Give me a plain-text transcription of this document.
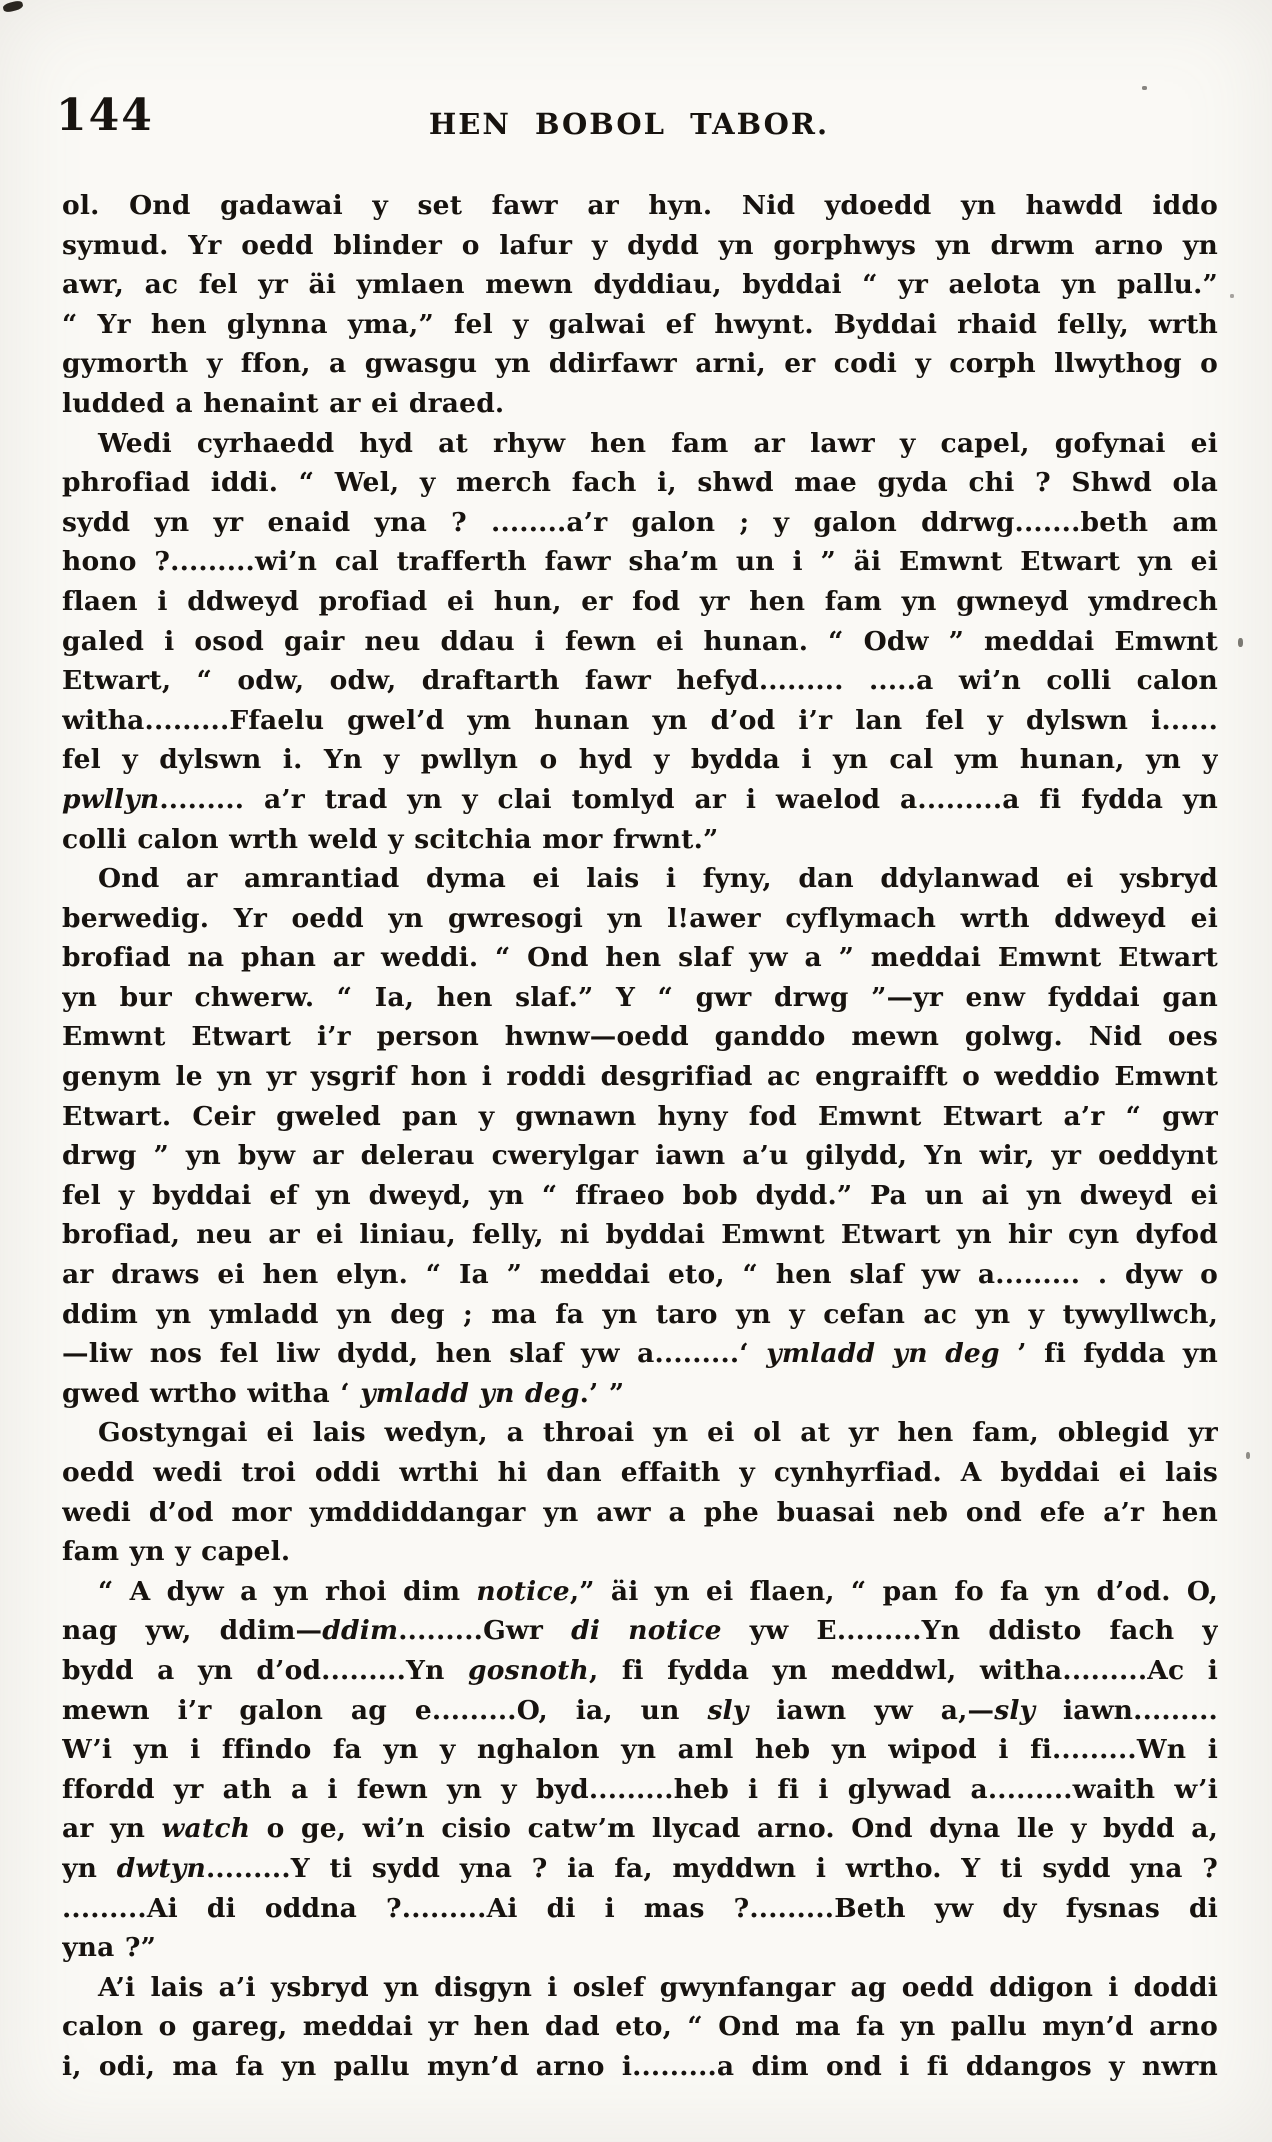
144	HEN BOBOL TABOR.
ol. Ond gadawai y set fawr ar hyn. Nid ydoedd yn hawdd iddo
symud. Yr oedd blinder o lafur y dydd yn gorphwys yn drwm arno yn
awr, ac fel yr äi ymlaen mewn dyddiau, byddai “ yr aelota yn pallu.”
“ Yr hen glynna yma,” fel y galwai ef hwynt. Byddai rhaid felly, wrth
gymorth y ffon, a gwasgu yn ddirfawr arni, er codi y corph llwythog o
ludded a henaint ar ei draed.
Wedi cyrhaedd hyd at rhyw hen fam ar lawr y capel, gofynai ei
phrofiad iddi. “ Wel, y merch fach i, shwd mae gyda chi ? Shwd ola
sydd yn yr enaid yna ? ........a’r galon ; y galon ddrwg.......beth am
hono ?.........wi’n cal trafferth fawr sha’m un i ” äi Emwnt Etwart yn ei
flaen i ddweyd profiad ei hun, er fod yr hen fam yn gwneyd ymdrech
galed i osod gair neu ddau i fewn ei hunan. “ Odw ” meddai Emwnt
Etwart, “ odw, odw, draftarth fawr hefyd......... .....a wi’n colli calon
witha.........Ffaelu gwel’d ym hunan yn d’od i’r lan fel y dylswn i......
fel y dylswn i. Yn y pwllyn o hyd y bydda i yn cal ym hunan, yn y
pwllyn......... a’r trad yn y clai tomlyd ar i waelod a.........a fi fydda yn
colli calon wrth weld y scitchia mor frwnt.”
Ond ar amrantiad dyma ei lais i fyny, dan ddylanwad ei ysbryd
berwedig. Yr oedd yn gwresogi yn l!awer cyflymach wrth ddweyd ei
brofiad na phan ar weddi. “ Ond hen slaf yw a ” meddai Emwnt Etwart
yn bur chwerw. “ Ia, hen slaf.” Y “ gwr drwg ”—yr enw fyddai gan
Emwnt Etwart i’r person hwnw—oedd ganddo mewn golwg. Nid oes
genym le yn yr ysgrif hon i roddi desgrifiad ac engraifft o weddio Emwnt
Etwart. Ceir gweled pan y gwnawn hyny fod Emwnt Etwart a’r “ gwr
drwg ” yn byw ar delerau cwerylgar iawn a’u gilydd, Yn wir, yr oeddynt
fel y byddai ef yn dweyd, yn “ ffraeo bob dydd.” Pa un ai yn dweyd ei
brofiad, neu ar ei liniau, felly, ni byddai Emwnt Etwart yn hir cyn dyfod
ar draws ei hen elyn. “ Ia ” meddai eto, “ hen slaf yw a......... . dyw o
ddim yn ymladd yn deg ; ma fa yn taro yn y cefan ac yn y tywyllwch,
—liw nos fel liw dydd, hen slaf yw a.........‘ ymladd yn deg ’ fi fydda yn
gwed wrtho witha ‘ ymladd yn deg.’ ”
Gostyngai ei lais wedyn, a throai yn ei ol at yr hen fam, oblegid yr
oedd wedi troi oddi wrthi hi dan effaith y cynhyrfiad. A byddai ei lais
wedi d’od mor ymddiddangar yn awr a phe buasai neb ond efe a’r hen
fam yn y capel.
“ A dyw a yn rhoi dim notice,” äi yn ei flaen, “ pan fo fa yn d’od. O,
nag yw, ddim—ddim.........Gwr di notice yw E.........Yn ddisto fach y
bydd a yn d’od.........Yn gosnoth, fi fydda yn meddwl, witha.........Ac i
mewn i’r galon ag e.........O, ia, un sly iawn yw a,—sly iawn.........
W’i yn i ffindo fa yn y nghalon yn aml heb yn wipod i fi.........Wn i
ffordd yr ath a i fewn yn y byd.........heb i fi i glywad a.........waith w’i
ar yn watch o ge, wi’n cisio catw’m llycad arno. Ond dyna lle y bydd a,
yn dwtyn.........Y ti sydd yna ? ia fa, myddwn i wrtho. Y ti sydd yna ?
.........Ai di oddna ?.........Ai di i mas ?.........Beth yw dy fysnas di
yna ?”
A’i lais a’i ysbryd yn disgyn i oslef gwynfangar ag oedd ddigon i doddi
calon o gareg, meddai yr hen dad eto, “ Ond ma fa yn pallu myn’d arno
i, odi, ma fa yn pallu myn’d arno i.........a dim ond i fi ddangos y nwrn
